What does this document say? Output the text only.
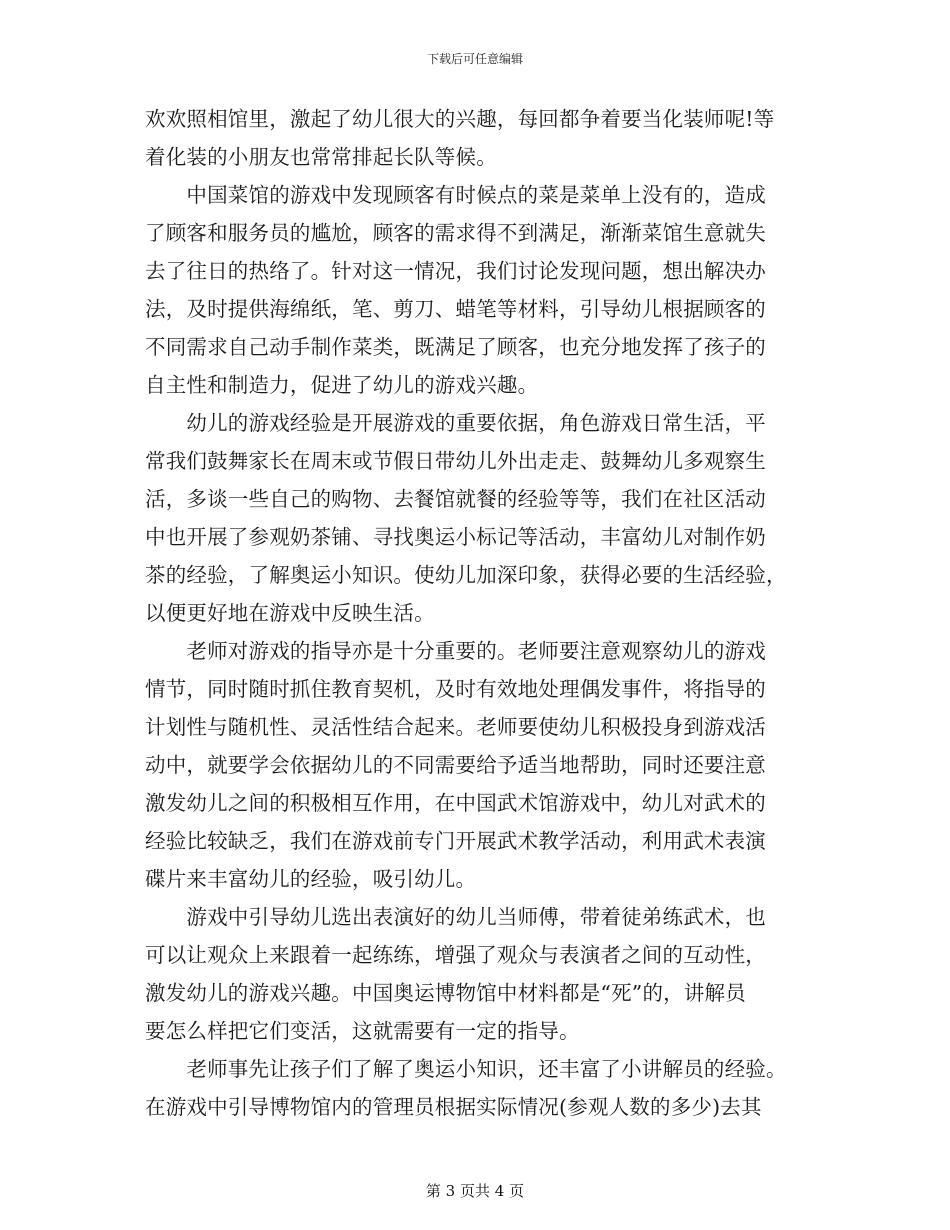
下载后可任意编辑
欢欢照相馆里，激起了幼儿很大的兴趣，每回都争着要当化装师呢!等
着化装的小朋友也常常排起长队等候。
　　中国菜馆的游戏中发现顾客有时候点的菜是菜单上没有的，造成
了顾客和服务员的尴尬，顾客的需求得不到满足，渐渐菜馆生意就失
去了往日的热络了。针对这一情况，我们讨论发现问题，想出解决办
法，及时提供海绵纸，笔、剪刀、蜡笔等材料，引导幼儿根据顾客的
不同需求自己动手制作菜类，既满足了顾客，也充分地发挥了孩子的
自主性和制造力，促进了幼儿的游戏兴趣。
　　幼儿的游戏经验是开展游戏的重要依据，角色游戏日常生活，平
常我们鼓舞家长在周末或节假日带幼儿外出走走、鼓舞幼儿多观察生
活，多谈一些自己的购物、去餐馆就餐的经验等等，我们在社区活动
中也开展了参观奶茶铺、寻找奥运小标记等活动，丰富幼儿对制作奶
茶的经验，了解奥运小知识。使幼儿加深印象，获得必要的生活经验，
以便更好地在游戏中反映生活。
　　老师对游戏的指导亦是十分重要的。老师要注意观察幼儿的游戏
情节，同时随时抓住教育契机，及时有效地处理偶发事件，将指导的
计划性与随机性、灵活性结合起来。老师要使幼儿积极投身到游戏活
动中，就要学会依据幼儿的不同需要给予适当地帮助，同时还要注意
激发幼儿之间的积极相互作用，在中国武术馆游戏中，幼儿对武术的
经验比较缺乏，我们在游戏前专门开展武术教学活动，利用武术表演
碟片来丰富幼儿的经验，吸引幼儿。
　　游戏中引导幼儿选出表演好的幼儿当师傅，带着徒弟练武术，也
可以让观众上来跟着一起练练，增强了观众与表演者之间的互动性，
激发幼儿的游戏兴趣。中国奥运博物馆中材料都是“死”的，讲解员
要怎么样把它们变活，这就需要有一定的指导。
　　老师事先让孩子们了解了奥运小知识，还丰富了小讲解员的经验。
在游戏中引导博物馆内的管理员根据实际情况(参观人数的多少)去其
第 3 页共 4 页
